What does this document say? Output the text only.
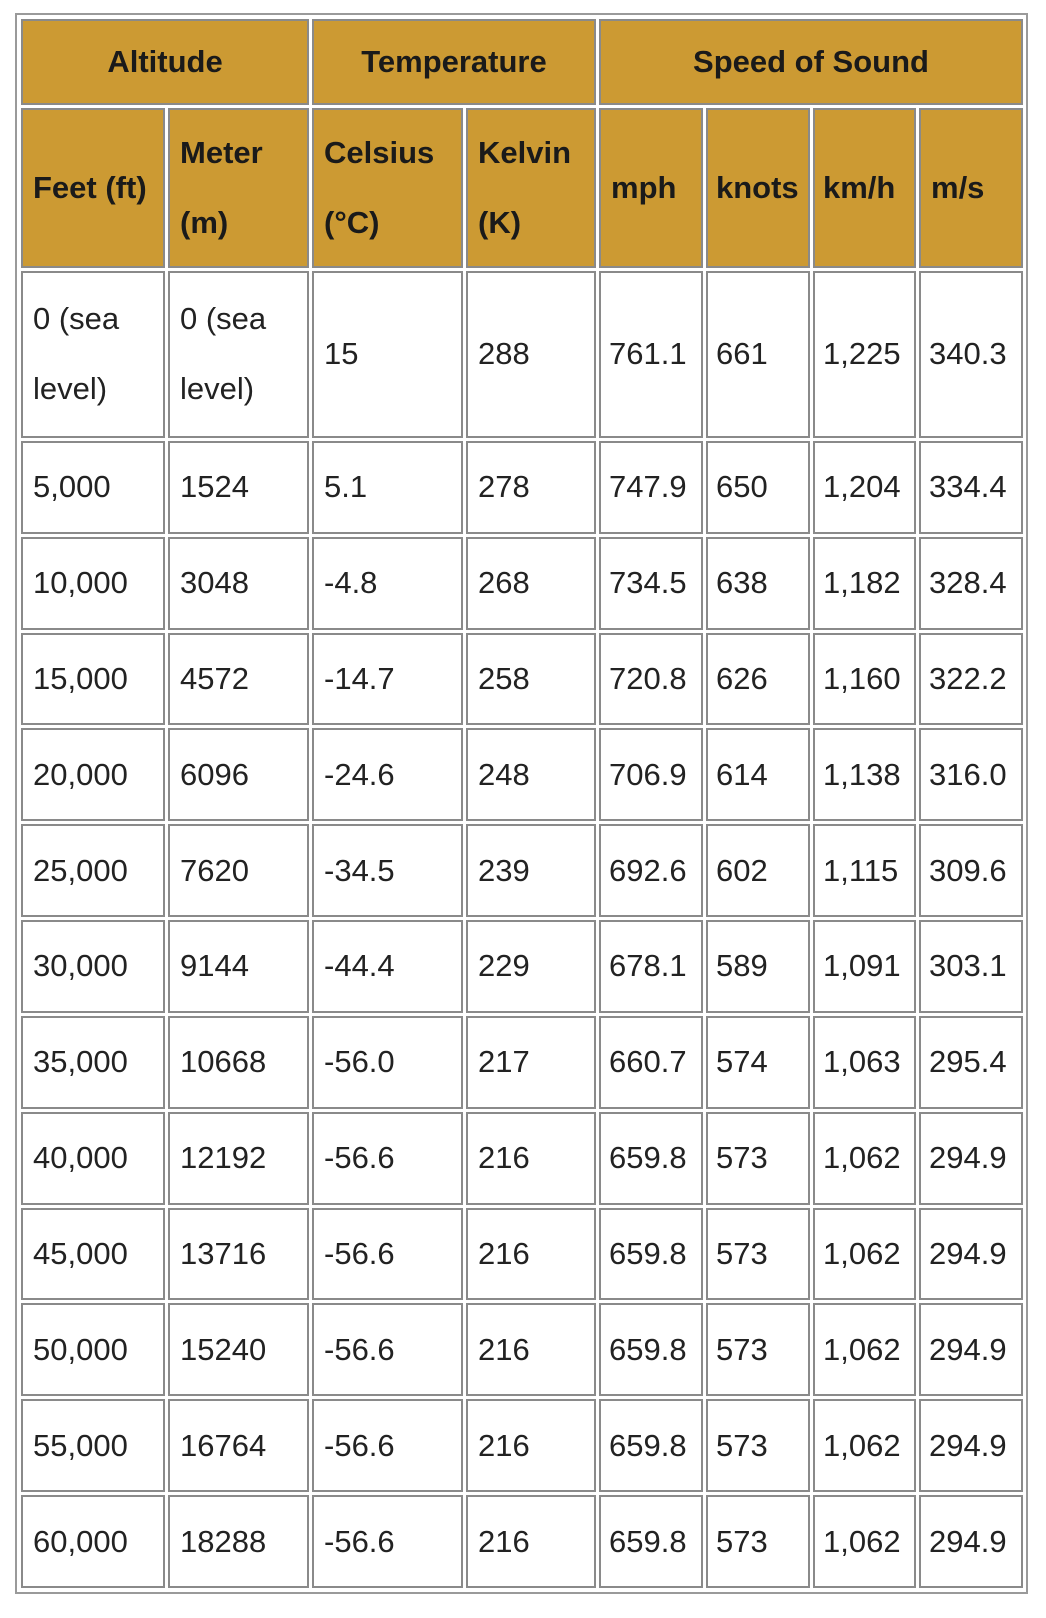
Altitude		Temperature		Speed of Sound			
Feet (ft)	Meter (m)	Celsius (°C)	Kelvin (K)	mph	knots	km/h	m/s
0 (sea level)	0 (sea level)	15	288	761.1	661	1,225	340.3
5,000	1524	5.1	278	747.9	650	1,204	334.4
10,000	3048	-4.8	268	734.5	638	1,182	328.4
15,000	4572	-14.7	258	720.8	626	1,160	322.2
20,000	6096	-24.6	248	706.9	614	1,138	316.0
25,000	7620	-34.5	239	692.6	602	1,115	309.6
30,000	9144	-44.4	229	678.1	589	1,091	303.1
35,000	10668	-56.0	217	660.7	574	1,063	295.4
40,000	12192	-56.6	216	659.8	573	1,062	294.9
45,000	13716	-56.6	216	659.8	573	1,062	294.9
50,000	15240	-56.6	216	659.8	573	1,062	294.9
55,000	16764	-56.6	216	659.8	573	1,062	294.9
60,000	18288	-56.6	216	659.8	573	1,062	294.9
